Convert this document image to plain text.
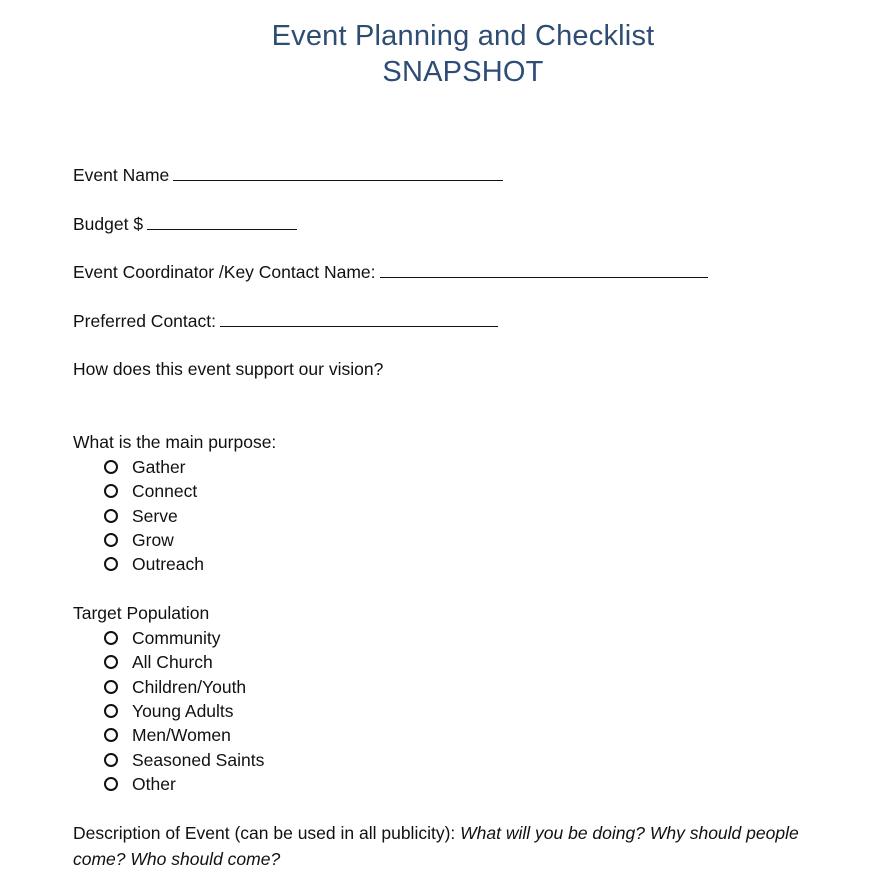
Event Planning and Checklist
SNAPSHOT
Event Name
Budget $
Event Coordinator /Key Contact Name:
Preferred Contact:
How does this event support our vision?
What is the main purpose:
Gather
Connect
Serve
Grow
Outreach
Target Population
Community
All Church
Children/Youth
Young Adults
Men/Women
Seasoned Saints
Other
Description of Event (can be used in all publicity): What will you be doing? Why should people come? Who should come?
